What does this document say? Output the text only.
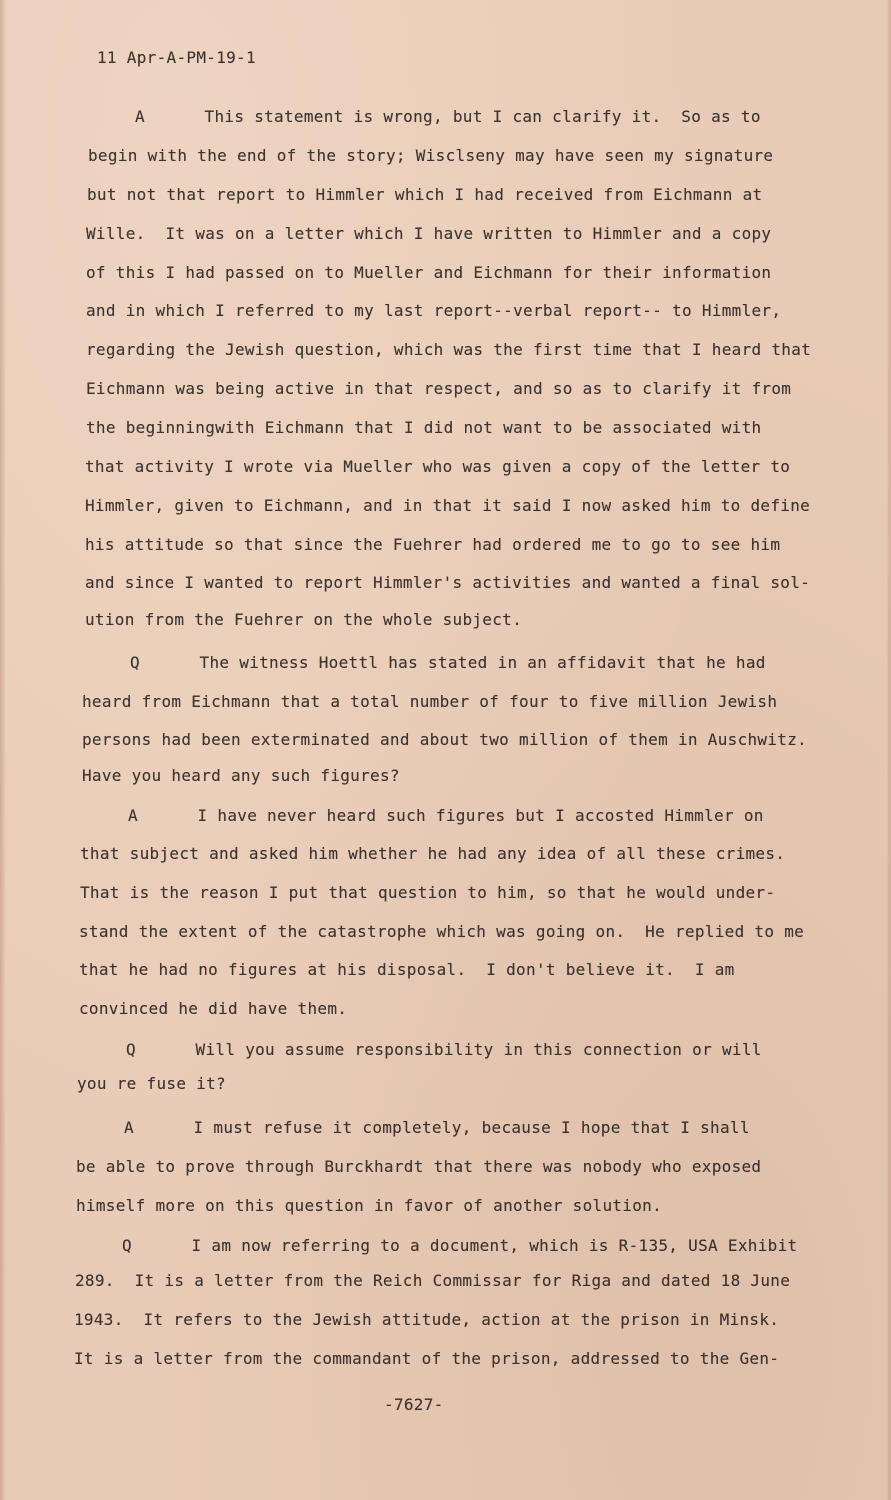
11 Apr-A-PM-19-1
A      This statement is wrong, but I can clarify it.  So as to
begin with the end of the story; Wisclseny may have seen my signature
but not that report to Himmler which I had received from Eichmann at
Wille.  It was on a letter which I have written to Himmler and a copy
of this I had passed on to Mueller and Eichmann for their information
and in which I referred to my last report--verbal report-- to Himmler,
regarding the Jewish question, which was the first time that I heard that
Eichmann was being active in that respect, and so as to clarify it from
the beginningwith Eichmann that I did not want to be associated with
that activity I wrote via Mueller who was given a copy of the letter to
Himmler, given to Eichmann, and in that it said I now asked him to define
his attitude so that since the Fuehrer had ordered me to go to see him
and since I wanted to report Himmler's activities and wanted a final sol-
ution from the Fuehrer on the whole subject.
Q      The witness Hoettl has stated in an affidavit that he had
heard from Eichmann that a total number of four to five million Jewish
persons had been exterminated and about two million of them in Auschwitz.
Have you heard any such figures?
A      I have never heard such figures but I accosted Himmler on
that subject and asked him whether he had any idea of all these crimes.
That is the reason I put that question to him, so that he would under-
stand the extent of the catastrophe which was going on.  He replied to me
that he had no figures at his disposal.  I don't believe it.  I am
convinced he did have them.
Q      Will you assume responsibility in this connection or will
you re fuse it?
A      I must refuse it completely, because I hope that I shall
be able to prove through Burckhardt that there was nobody who exposed
himself more on this question in favor of another solution.
Q      I am now referring to a document, which is R-135, USA Exhibit
289.  It is a letter from the Reich Commissar for Riga and dated 18 June
1943.  It refers to the Jewish attitude, action at the prison in Minsk.
It is a letter from the commandant of the prison, addressed to the Gen-
-7627-
